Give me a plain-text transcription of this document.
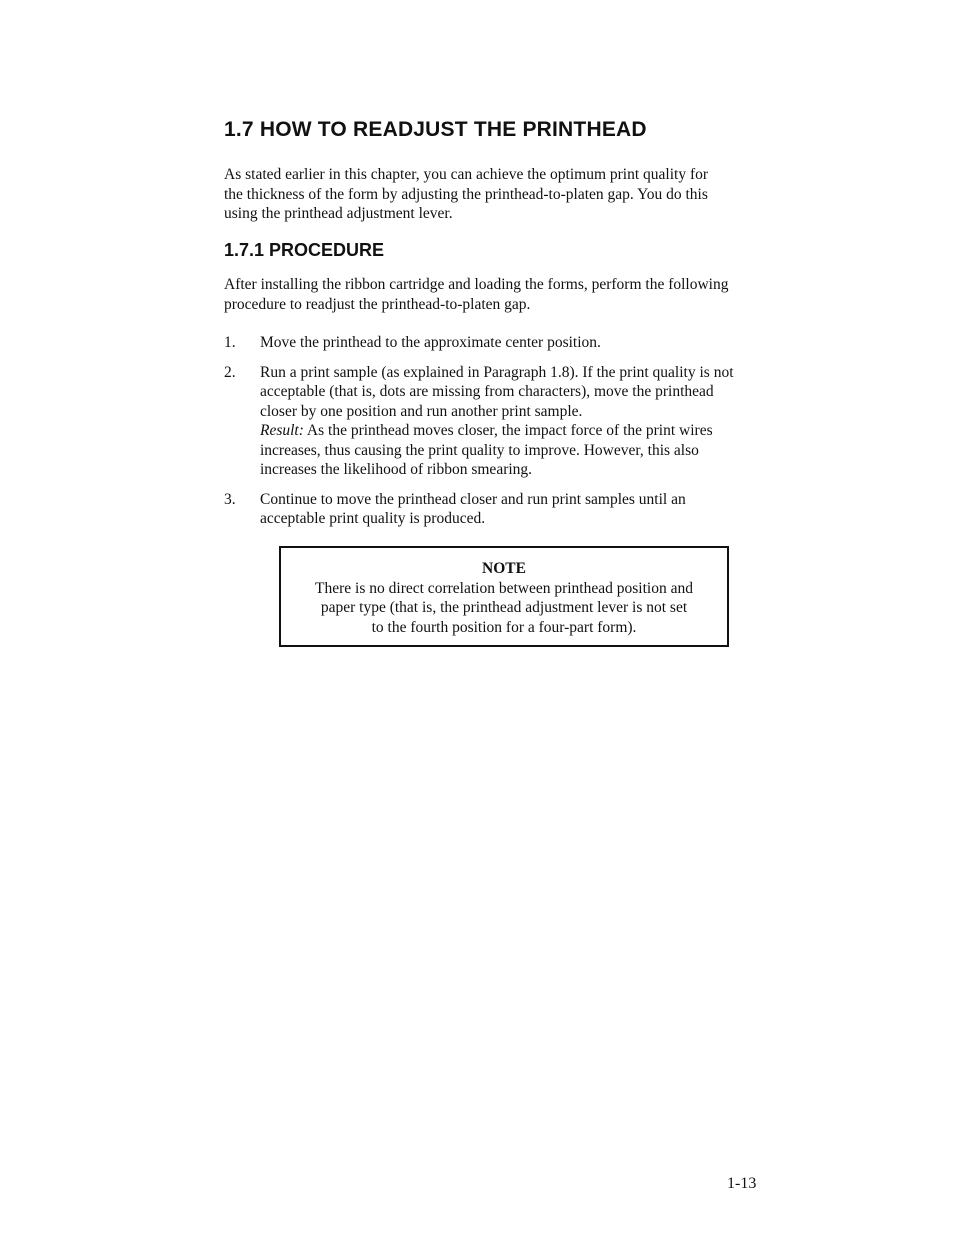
1.7 HOW TO READJUST THE PRINTHEAD

As stated earlier in this chapter, you can achieve the optimum print quality for
the thickness of the form by adjusting the printhead-to-platen gap. You do this
using the printhead adjustment lever.

1.7.1 PROCEDURE

After installing the ribbon cartridge and loading the forms, perform the following
procedure to readjust the printhead-to-platen gap.

1. Move the printhead to the approximate center position.
2. Run a print sample (as explained in Paragraph 1.8). If the print quality is not
acceptable (that is, dots are missing from characters), move the printhead
closer by one position and run another print sample.
Result: As the printhead moves closer, the impact force of the print wires
increases, thus causing the print quality to improve. However, this also
increases the likelihood of ribbon smearing.
3. Continue to move the printhead closer and run print samples until an
acceptable print quality is produced.
NOTE
There is no direct correlation between printhead position and
paper type (that is, the printhead adjustment lever is not set
to the fourth position for a four-part form).
1-13
